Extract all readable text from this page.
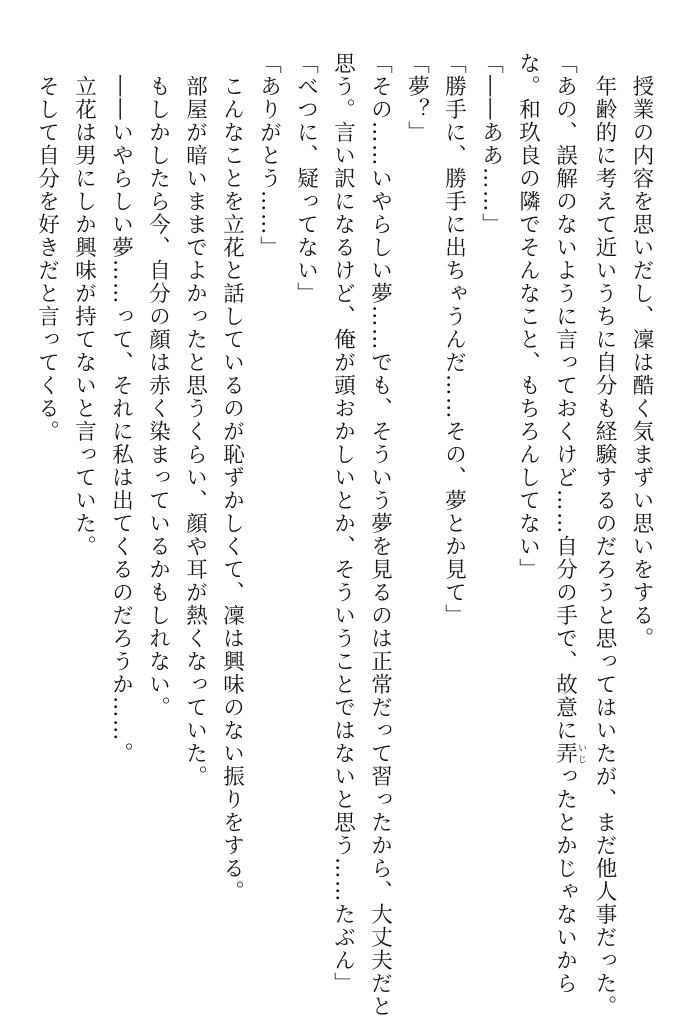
　授業の内容を思いだし、凜は酷く気まずい思いをする。

　年齢的に考えて近いうちに自分も経験するのだろうと思ってはいたが、まだ他人事だった。

「あの、誤解のないように言っておくけど……自分の手で、故意に弄いじったとかじゃないから

な。和玖良の隣でそんなこと、もちろんしてない」

「――ああ……」

「勝手に、勝手に出ちゃうんだ……その、夢とか見て」

「夢？」

「その……いやらしい夢……でも、そういう夢を見るのは正常だって習ったから、大丈夫だと

思う。言い訳になるけど、俺が頭おかしいとか、そういうことではないと思う……たぶん」

「べつに、疑ってない」

「ありがとう……」

　こんなことを立花と話しているのが恥ずかしくて、凜は興味のない振りをする。

　部屋が暗いままでよかったと思うくらい、顔や耳が熱くなっていた。

　もしかしたら今、自分の顔は赤く染まっているかもしれない。

　――いやらしい夢……って、それに私は出てくるのだろうか……。

　立花は男にしか興味が持てないと言っていた。

　そして自分を好きだと言ってくる。
